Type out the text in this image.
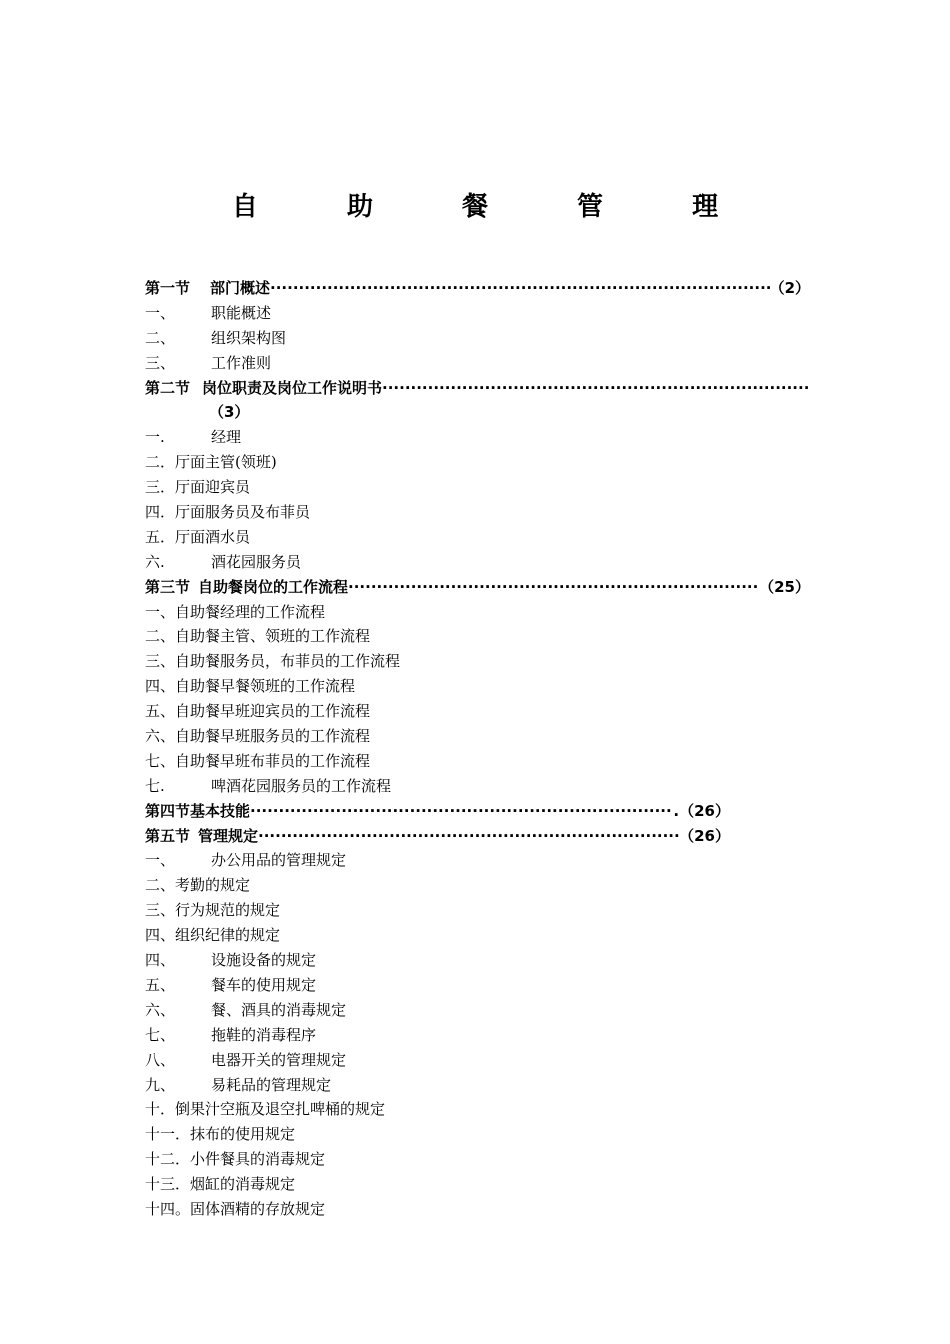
自 助 餐 管 理
第一节 部门概述 ·····	（2）
一、	职能概述
二、	组织架构图
三、	工作准则
第二节 岗位职责及岗位工作说明书
·····
（3）
一.	经理
二． 厅面主管(领班)
三． 厅面迎宾员
四． 厅面服务员及布菲员
五． 厅面酒水员
六.	酒花园服务员
第三节 自助餐岗位的工作流程 ·····	（25）
一、 自助餐经理的工作流程
二、 自助餐主管、领班的工作流程
三、 自助餐服务员，布菲员的工作流程
四、 自助餐早餐领班的工作流程
五、 自助餐早班迎宾员的工作流程
六、 自助餐早班服务员的工作流程
七、 自助餐早班布菲员的工作流程
七.	啤酒花园服务员的工作流程
第四节基本技能 ·····	.（26）
第五节 管理规定 ·····	（26）
一、	办公用品的管理规定
二、 考勤的规定
三、 行为规范的规定
四、 组织纪律的规定
四、	设施设备的规定
五、	餐车的使用规定
六、	餐、酒具的消毒规定
七、	拖鞋的消毒程序
八、	电器开关的管理规定
九、	易耗品的管理规定
十． 倒果汁空瓶及退空扎啤桶的规定
十一． 抹布的使用规定
十二． 小件餐具的消毒规定
十三． 烟缸的消毒规定
十四。 固体酒精的存放规定
